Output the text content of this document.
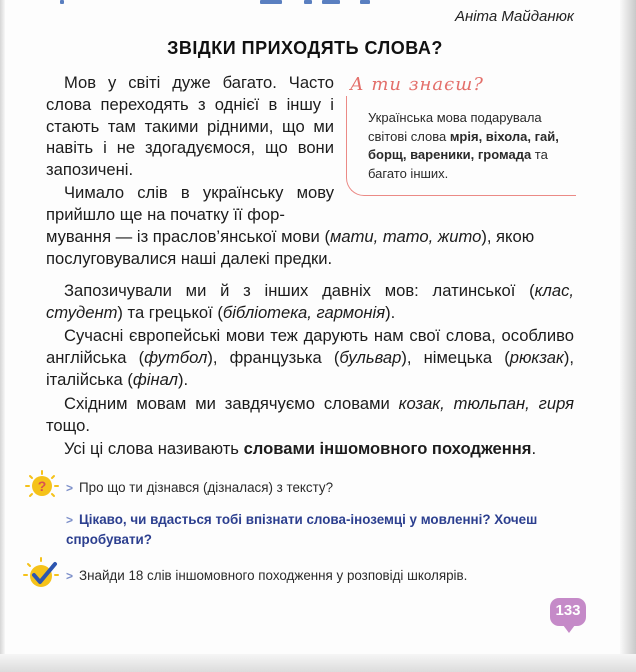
Аніта Майданюк
ЗВІДКИ ПРИХОДЯТЬ СЛОВА?
Мов у світі дуже багато. Часто слова переходять з однієї в іншу і стають там такими рідними, що ми навіть і не здогадуємося, що вони запозичені.
Чимало слів в українську мову прийшло ще на початку її фор-
мування — із праслов’янської мови (мати, тато, жито), якою послуговувалися наші далекі предки.
Запозичували ми й з інших давніх мов: латинської (клас, студент) та грецької (бібліотека, гармонія).
Сучасні європейські мови теж дарують нам свої слова, особливо англійська (футбол), французька (бульвар), німецька (рюкзак), італійська (фінал).
Східним мовам ми завдячуємо словами козак, тюльпан, гиря тощо.
Усі ці слова називають словами іншомовного походження.
А ти знаєш?
Українська мова подарувала світові слова мрія, віхола, гай, борщ, вареники, громада та багато інших.
? > Про що ти дізнався (дізналася) з тексту?
> Цікаво, чи вдасться тобі впізнати слова-іноземці у мовленні? Хочеш спробувати?
> Знайди 18 слів іншомовного походження у розповіді школярів.
133
